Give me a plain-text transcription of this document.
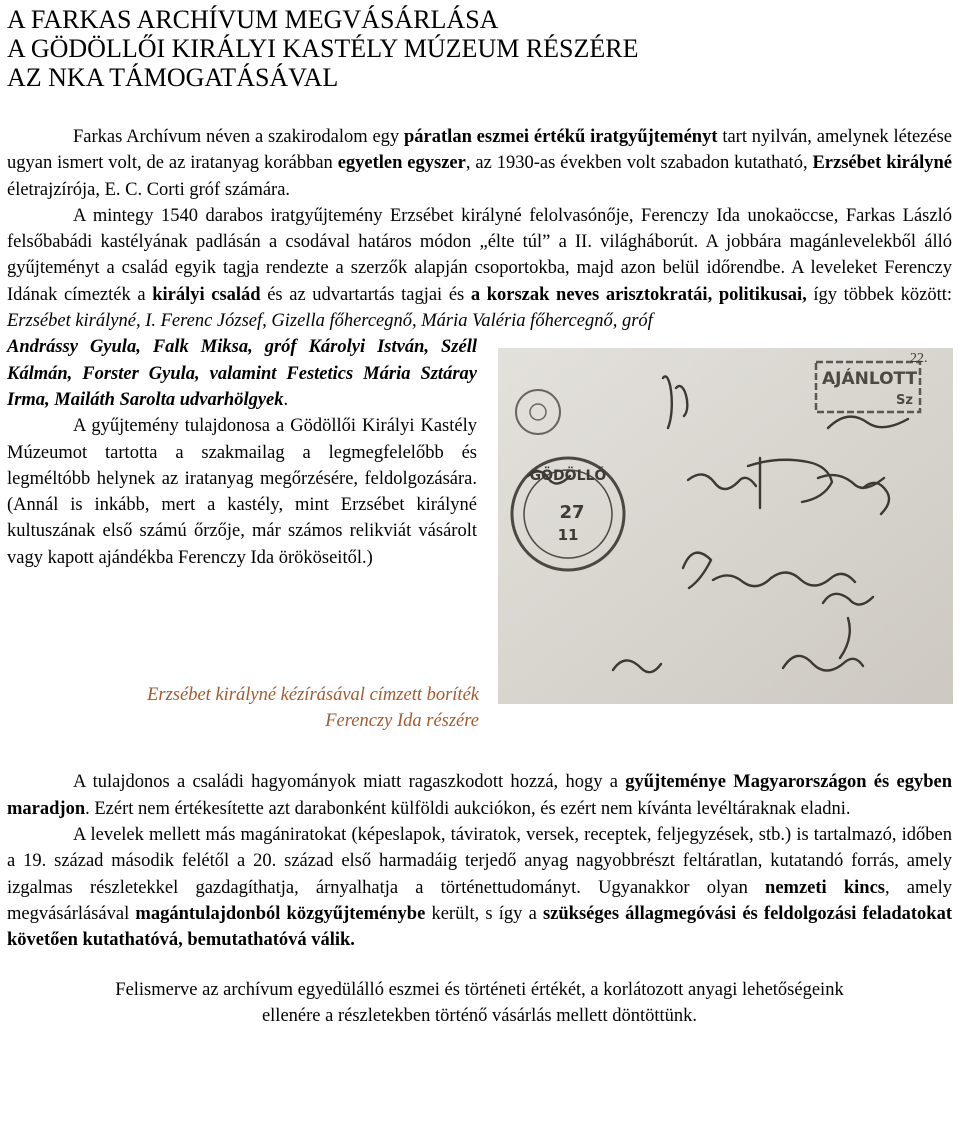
A FARKAS ARCHÍVUM MEGVÁSÁRLÁSA
A GÖDÖLLŐI KIRÁLYI KASTÉLY MÚZEUM RÉSZÉRE
AZ NKA TÁMOGATÁSÁVAL

Farkas Archívum néven a szakirodalom egy páratlan eszmei értékű iratgyűjteményt tart nyilván, amelynek létezése ugyan ismert volt, de az iratanyag korábban egyetlen egyszer, az 1930-as években volt szabadon kutatható, Erzsébet királyné életrajzírója, E. C. Corti gróf számára.

A mintegy 1540 darabos iratgyűjtemény Erzsébet királyné felolvasónője, Ferenczy Ida unokaöccse, Farkas László felsőbabádi kastélyának padlásán a csodával határos módon „élte túl” a II. világháborút. A jobbára magánlevelekből álló gyűjteményt a család egyik tagja rendezte a szerzők alapján csoportokba, majd azon belül időrendbe. A leveleket Ferenczy Idának címezték a királyi család és az udvartartás tagjai és a korszak neves arisztokratái, politikusai, így többek között: Erzsébet királyné, I. Ferenc József, Gizella főhercegnő, Mária Valéria főhercegnő, gróf

Andrássy Gyula, Falk Miksa, gróf Károlyi István, Széll Kálmán, Forster Gyula, valamint Festetics Mária Sztáray Irma, Mailáth Sarolta udvarhölgyek.

A gyűjtemény tulajdonosa a Gödöllői Királyi Kastély Múzeumot tartotta a szakmailag a legmegfelelőbb és legméltóbb helynek az iratanyag megőrzésére, feldolgozására. (Annál is inkább, mert a kastély, mint Erzsébet királyné kultuszának első számú őrzője, már számos relikviát vásárolt vagy kapott ajándékba Ferenczy Ida örököseitől.)

Erzsébet királyné kézírásával címzett boríték
Ferenczy Ida részére
AJÁNLOTT
Sz
22.
GÖDÖLLŐ
27
11

A tulajdonos a családi hagyományok miatt ragaszkodott hozzá, hogy a gyűjteménye Magyarországon és egyben maradjon. Ezért nem értékesítette azt darabonként külföldi aukciókon, és ezért nem kívánta levéltáraknak eladni.

A levelek mellett más magániratokat (képeslapok, táviratok, versek, receptek, feljegyzések, stb.) is tartalmazó, időben a 19. század második felétől a 20. század első harmadáig terjedő anyag nagyobbrészt feltáratlan, kutatandó forrás, amely izgalmas részletekkel gazdagíthatja, árnyalhatja a történettudományt. Ugyanakkor olyan nemzeti kincs, amely megvásárlásával magántulajdonból közgyűjteménybe került, s így a szükséges állagmegóvási és feldolgozási feladatokat követően kutathatóvá, bemutathatóvá válik.

Felismerve az archívum egyedülálló eszmei és történeti értékét, a korlátozott anyagi lehetőségeink
ellenére a részletekben történő vásárlás mellett döntöttünk.
